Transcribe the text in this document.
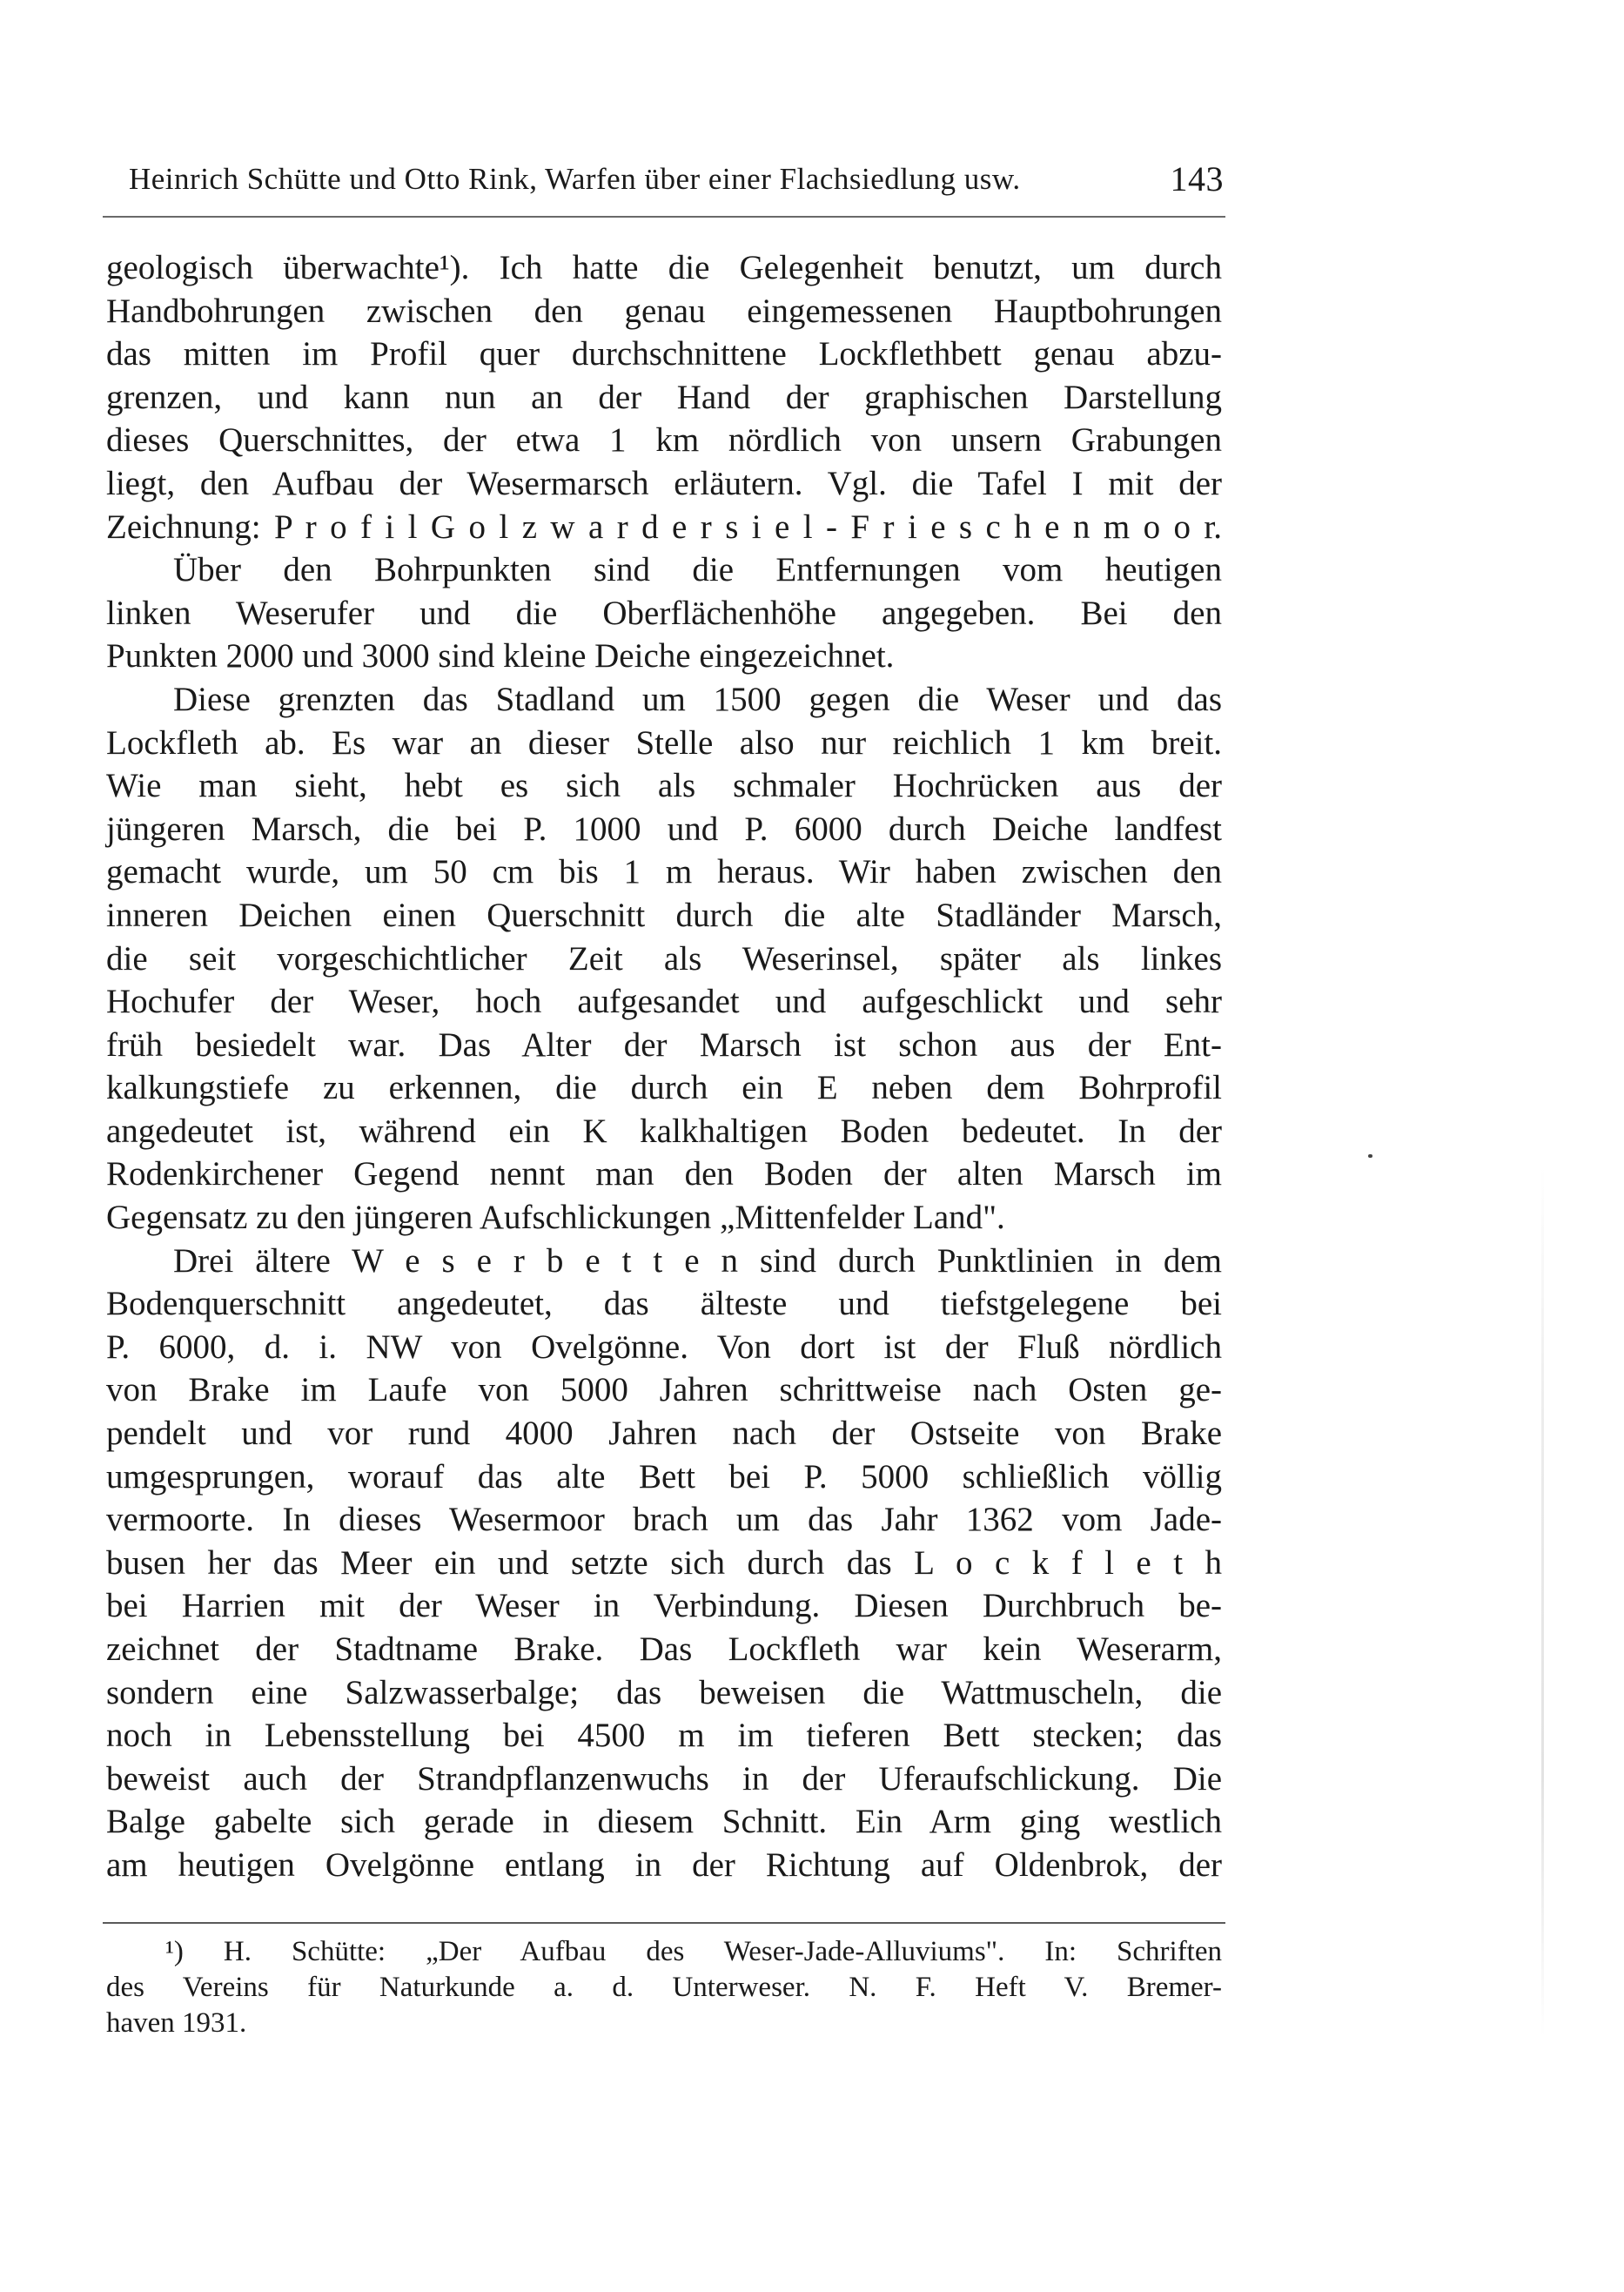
Heinrich Schütte und Otto Rink, Warfen über einer Flachsiedlung usw.	143
geologisch überwachte¹). Ich hatte die Gelegenheit benutzt, um durch
Handbohrungen zwischen den genau eingemessenen Hauptbohrungen
das mitten im Profil quer durchschnittene Lockflethbett genau abzu-
grenzen, und kann nun an der Hand der graphischen Darstellung
dieses Querschnittes, der etwa 1 km nördlich von unsern Grabungen
liegt, den Aufbau der Wesermarsch erläutern. Vgl. die Tafel I mit der
Zeichnung: P r o f i l G o l z w a r d e r s i e l - F r i e s c h e n m o o r.
Über den Bohrpunkten sind die Entfernungen vom heutigen
linken Weserufer und die Oberflächenhöhe angegeben. Bei den
Punkten 2000 und 3000 sind kleine Deiche eingezeichnet.
Diese grenzten das Stadland um 1500 gegen die Weser und das
Lockfleth ab. Es war an dieser Stelle also nur reichlich 1 km breit.
Wie man sieht, hebt es sich als schmaler Hochrücken aus der
jüngeren Marsch, die bei P. 1000 und P. 6000 durch Deiche landfest
gemacht wurde, um 50 cm bis 1 m heraus. Wir haben zwischen den
inneren Deichen einen Querschnitt durch die alte Stadländer Marsch,
die seit vorgeschichtlicher Zeit als Weserinsel, später als linkes
Hochufer der Weser, hoch aufgesandet und aufgeschlickt und sehr
früh besiedelt war. Das Alter der Marsch ist schon aus der Ent-
kalkungstiefe zu erkennen, die durch ein E neben dem Bohrprofil
angedeutet ist, während ein K kalkhaltigen Boden bedeutet. In der
Rodenkirchener Gegend nennt man den Boden der alten Marsch im
Gegensatz zu den jüngeren Aufschlickungen „Mittenfelder Land".
Drei ältere W e s e r b e t t e n sind durch Punktlinien in dem
Bodenquerschnitt angedeutet, das älteste und tiefstgelegene bei
P. 6000, d. i. NW von Ovelgönne. Von dort ist der Fluß nördlich
von Brake im Laufe von 5000 Jahren schrittweise nach Osten ge-
pendelt und vor rund 4000 Jahren nach der Ostseite von Brake
umgesprungen, worauf das alte Bett bei P. 5000 schließlich völlig
vermoorte. In dieses Wesermoor brach um das Jahr 1362 vom Jade-
busen her das Meer ein und setzte sich durch das L o c k f l e t h
bei Harrien mit der Weser in Verbindung. Diesen Durchbruch be-
zeichnet der Stadtname Brake. Das Lockfleth war kein Weserarm,
sondern eine Salzwasserbalge; das beweisen die Wattmuscheln, die
noch in Lebensstellung bei 4500 m im tieferen Bett stecken; das
beweist auch der Strandpflanzenwuchs in der Uferaufschlickung. Die
Balge gabelte sich gerade in diesem Schnitt. Ein Arm ging westlich
am heutigen Ovelgönne entlang in der Richtung auf Oldenbrok, der
¹) H. Schütte: „Der Aufbau des Weser-Jade-Alluviums". In: Schriften
des Vereins für Naturkunde a. d. Unterweser. N. F. Heft V. Bremer-
haven 1931.
